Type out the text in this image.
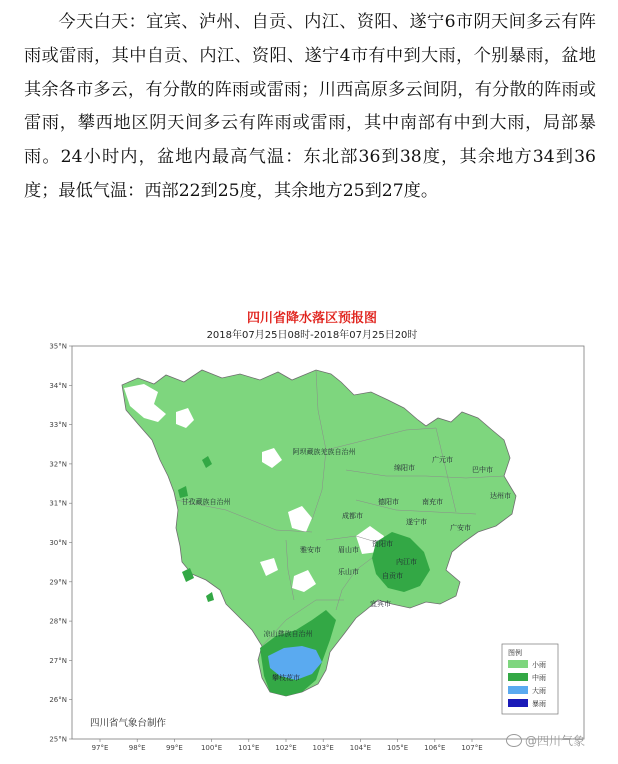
今天白天：宜宾、泸州、自贡、内江、资阳、遂宁6市阴天间多云有阵雨或雷雨，其中自贡、内江、资阳、遂宁4市有中到大雨，个别暴雨，盆地其余各市多云，有分散的阵雨或雷雨；川西高原多云间阴，有分散的阵雨或雷雨，攀西地区阴天间多云有阵雨或雷雨，其中南部有中到大雨，局部暴雨。24小时内，盆地内最高气温：东北部36到38度，其余地方34到36度；最低气温：西部22到25度，其余地方25到27度。

四川省降水落区预报图
2018年07月25日08时-2018年07月25日20时
35°N
34°N
33°N
32°N
31°N
30°N
29°N
28°N
27°N
26°N
25°N
97°E	98°E	99°E	100°E 101°E 102°E 103°E 104°E 105°E 106°E 107°E
阿坝藏族羌族自治州
甘孜藏族自治州
凉山彝族自治州
广元市
绵阳市	巴中市
达州市
德阳市	南充市
成都市
遂宁市
广安市
资阳市
雅安市 眉山市
内江市
乐山市	自贡市
宜宾市
攀枝花市
四川省气象台制作
图例
小雨
中雨
大雨
暴雨
@四川气象
